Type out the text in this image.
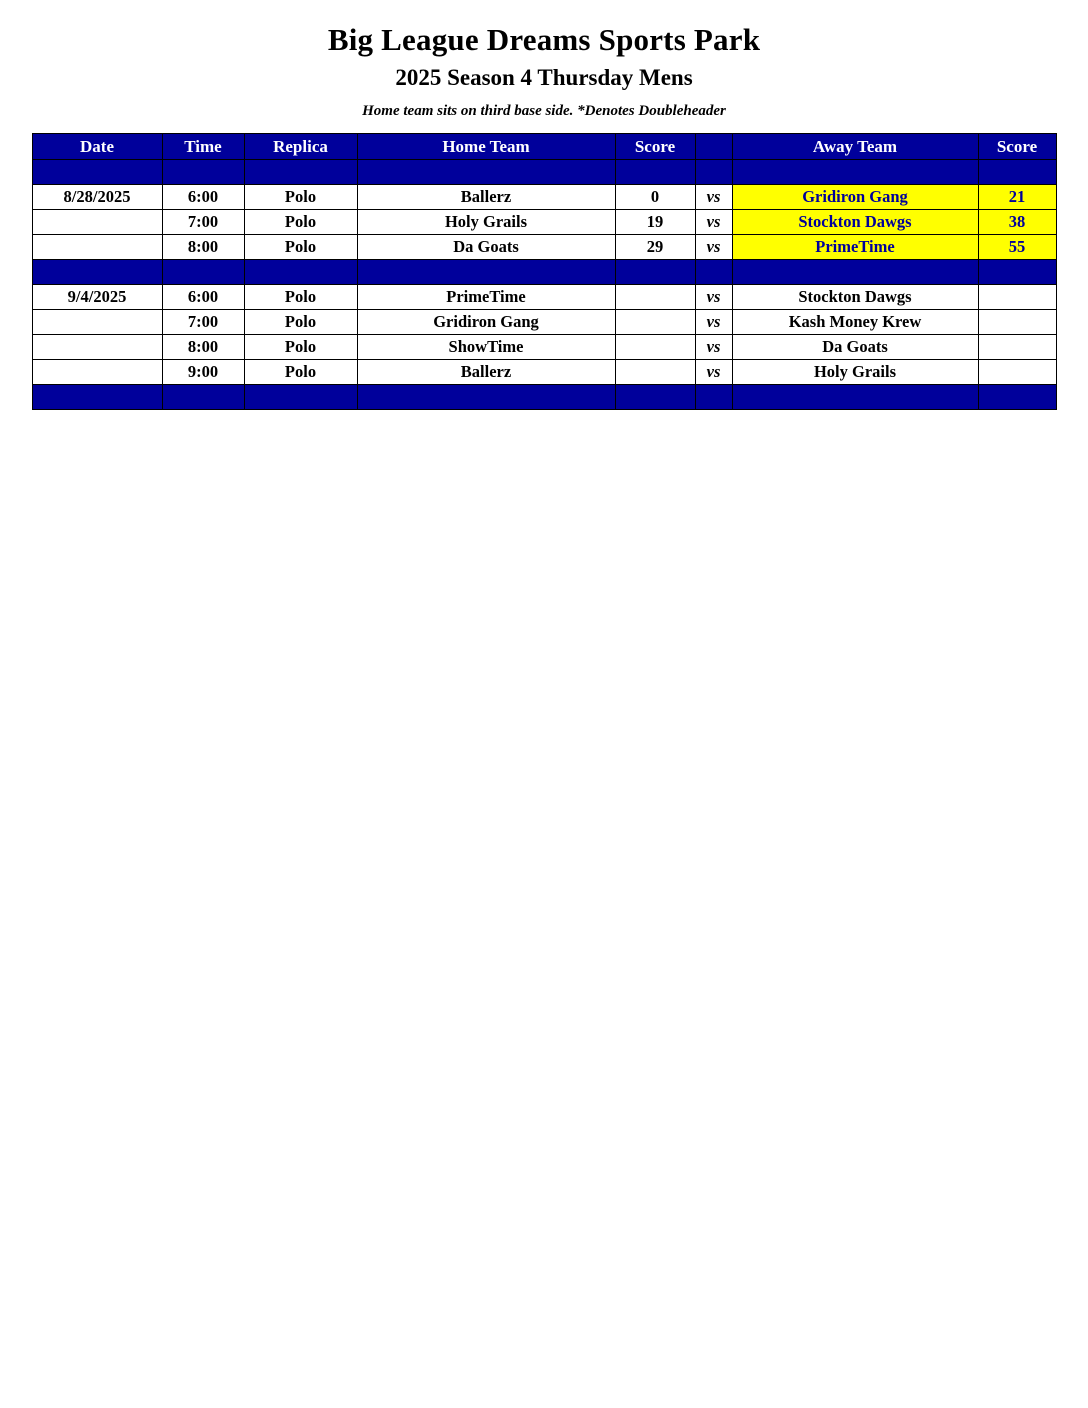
Big League Dreams Sports Park
2025 Season 4 Thursday Mens
Home team sits on third base side. *Denotes Doubleheader
Date	Time	Replica	Home Team	Score		Away Team	Score

8/28/2025	6:00	Polo	Ballerz	0	vs	Gridiron Gang	21
	7:00	Polo	Holy Grails	19	vs	Stockton Dawgs	38
	8:00	Polo	Da Goats	29	vs	PrimeTime	55

9/4/2025	6:00	Polo	PrimeTime		vs	Stockton Dawgs	
	7:00	Polo	Gridiron Gang		vs	Kash Money Krew	
	8:00	Polo	ShowTime		vs	Da Goats	
	9:00	Polo	Ballerz		vs	Holy Grails	
